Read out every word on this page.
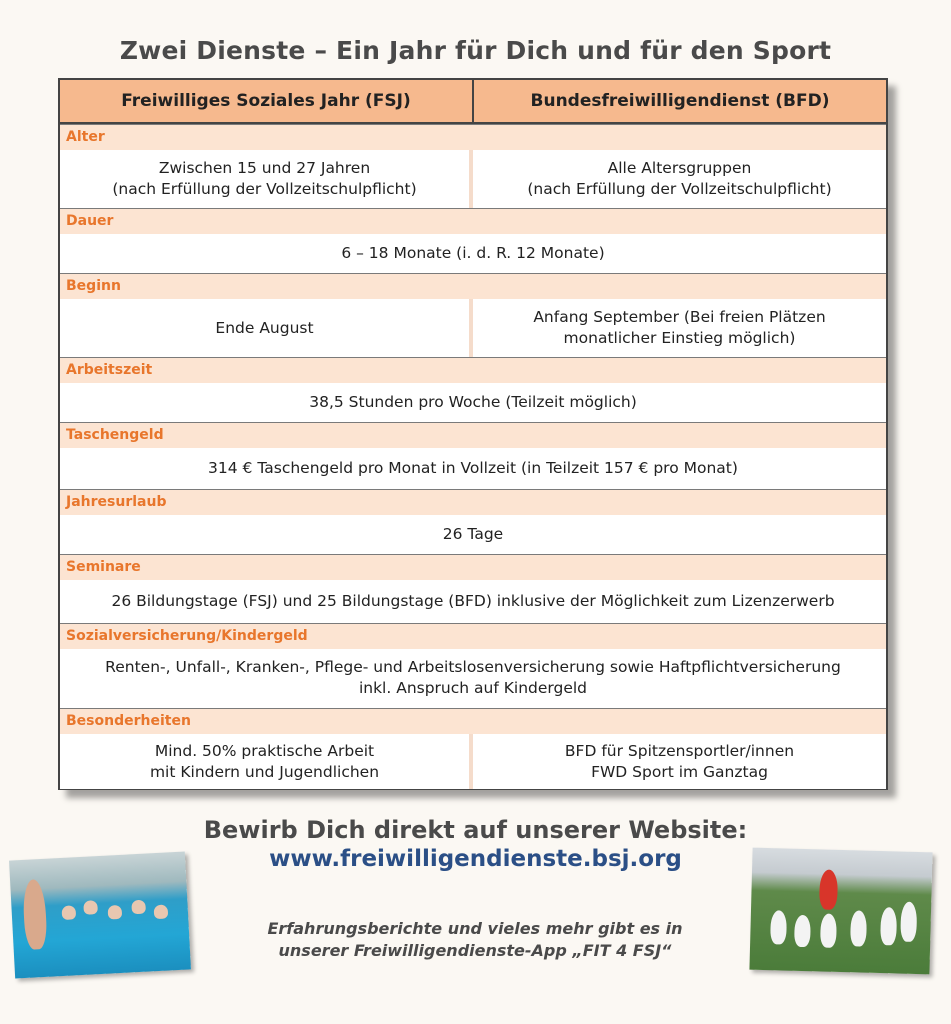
Zwei Dienste – Ein Jahr für Dich und für den Sport
Freiwilliges Soziales Jahr (FSJ)	Bundesfreiwilligendienst (BFD)
Alter
Zwischen 15 und 27 Jahren
(nach Erfüllung der Vollzeitschulpflicht)
Alle Altersgruppen
(nach Erfüllung der Vollzeitschulpflicht)
Dauer
6 – 18 Monate (i. d. R. 12 Monate)
Beginn
Ende August
Anfang September (Bei freien Plätzen
monatlicher Einstieg möglich)
Arbeitszeit
38,5 Stunden pro Woche (Teilzeit möglich)
Taschengeld
314 € Taschengeld pro Monat in Vollzeit (in Teilzeit 157 € pro Monat)
Jahresurlaub
26 Tage
Seminare
26 Bildungstage (FSJ) und 25 Bildungstage (BFD) inklusive der Möglichkeit zum Lizenzerwerb
Sozialversicherung/Kindergeld
Renten-, Unfall-, Kranken-, Pflege- und Arbeitslosenversicherung sowie Haftpflichtversicherung
inkl. Anspruch auf Kindergeld
Besonderheiten
Mind. 50% praktische Arbeit
mit Kindern und Jugendlichen
BFD für Spitzensportler/innen
FWD Sport im Ganztag
Bewirb Dich direkt auf unserer Website:
www.freiwilligendienste.bsj.org
Erfahrungsberichte und vieles mehr gibt es in
unserer Freiwilligendienste-App „FIT 4 FSJ“
